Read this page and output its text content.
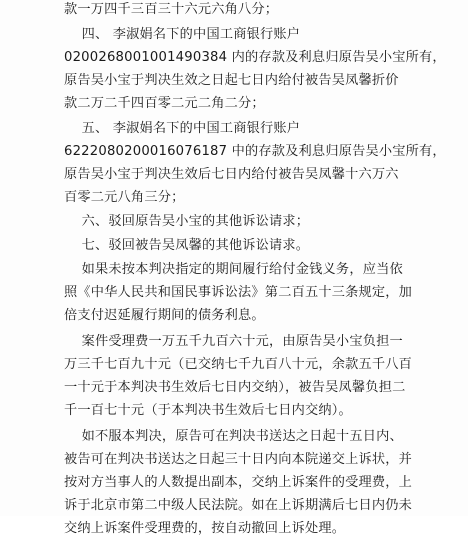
款一万四千三百三十六元六角八分；
四、 李淑娟名下的中国工商银行账户
0200268001001490384 内的存款及利息归原告吴小宝所有，
原告吴小宝于判决生效之日起七日内给付被告吴凤馨折价
款二万二千四百零二元二角二分；
五、 李淑娟名下的中国工商银行账户
6222080200016076187 中的存款及利息归原告吴小宝所有，
原告吴小宝于判决生效后七日内给付被告吴凤馨十六万六
百零二元八角三分；
六、驳回原告吴小宝的其他诉讼请求；
七、驳回被告吴凤馨的其他诉讼请求。
如果未按本判决指定的期间履行给付金钱义务，应当依
照《中华人民共和国民事诉讼法》第二百五十三条规定，加
倍支付迟延履行期间的债务利息。
案件受理费一万五千九百六十元，由原告吴小宝负担一
万三千七百九十元（已交纳七千九百八十元，余款五千八百
一十元于本判决书生效后七日内交纳），被告吴凤馨负担二
千一百七十元（于本判决书生效后七日内交纳）。
如不服本判决，原告可在判决书送达之日起十五日内、
被告可在判决书送达之日起三十日内向本院递交上诉状，并
按对方当事人的人数提出副本，交纳上诉案件的受理费，上
诉于北京市第二中级人民法院。如在上诉期满后七日内仍未
交纳上诉案件受理费的，按自动撤回上诉处理。
